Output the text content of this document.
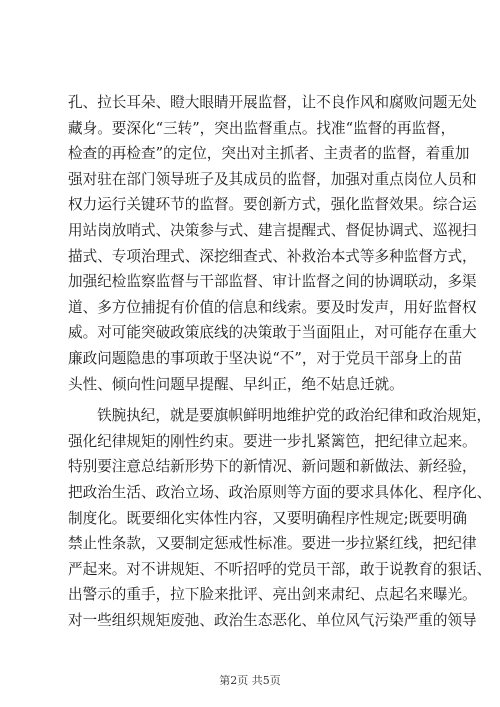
孔、拉长耳朵、瞪大眼睛开展监督，让不良作风和腐败问题无处
藏身。要深化“三转”，突出监督重点。找准“监督的再监督，
检查的再检查”的定位，突出对主抓者、主责者的监督，着重加
强对驻在部门领导班子及其成员的监督，加强对重点岗位人员和
权力运行关键环节的监督。要创新方式，强化监督效果。综合运
用站岗放哨式、决策参与式、建言提醒式、督促协调式、巡视扫
描式、专项治理式、深挖细查式、补救治本式等多种监督方式，
加强纪检监察监督与干部监督、审计监督之间的协调联动，多渠
道、多方位捕捉有价值的信息和线索。要及时发声，用好监督权
威。对可能突破政策底线的决策敢于当面阻止，对可能存在重大
廉政问题隐患的事项敢于坚决说“不”，对于党员干部身上的苗
头性、倾向性问题早提醒、早纠正，绝不姑息迁就。
铁腕执纪，就是要旗帜鲜明地维护党的政治纪律和政治规矩，
强化纪律规矩的刚性约束。要进一步扎紧篱笆，把纪律立起来。
特别要注意总结新形势下的新情况、新问题和新做法、新经验，
把政治生活、政治立场、政治原则等方面的要求具体化、程序化、
制度化。既要细化实体性内容，又要明确程序性规定;既要明确
禁止性条款，又要制定惩戒性标准。要进一步拉紧红线，把纪律
严起来。对不讲规矩、不听招呼的党员干部，敢于说教育的狠话、
出警示的重手，拉下脸来批评、亮出剑来肃纪、点起名来曝光。
对一些组织规矩废弛、政治生态恶化、单位风气污染严重的领导
第2页 共5页
